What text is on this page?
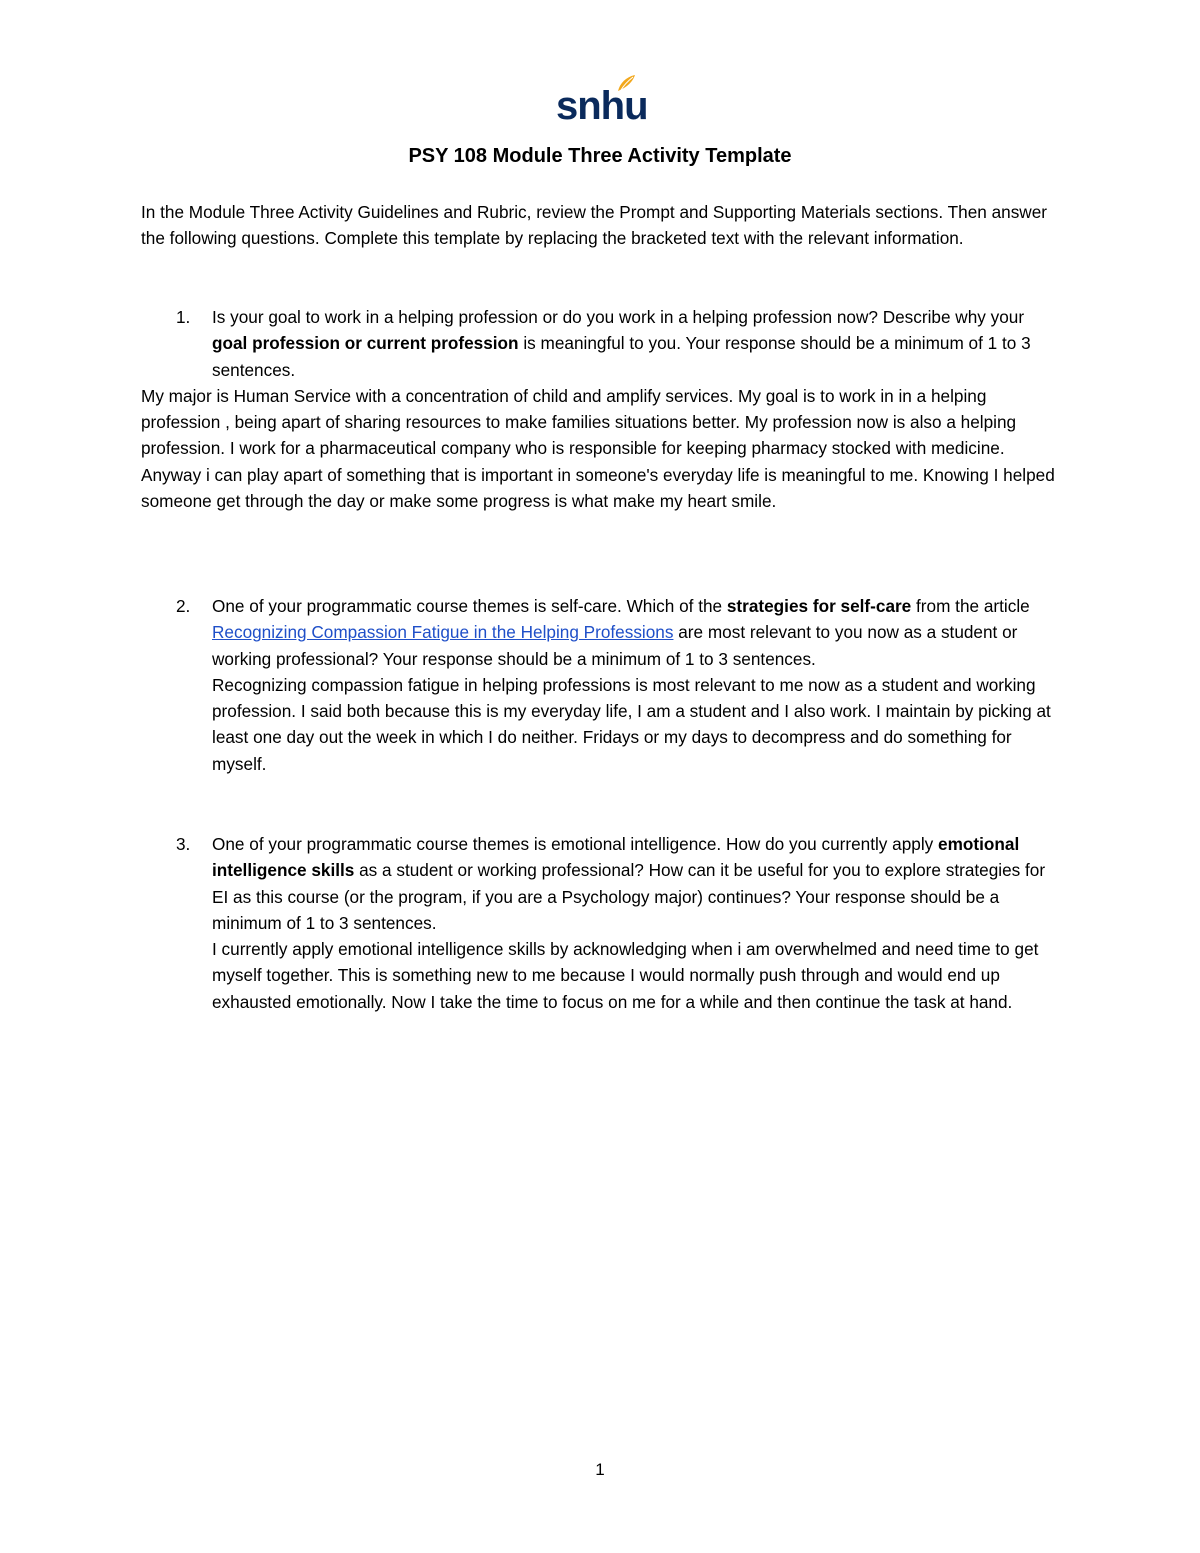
snhu
PSY 108 Module Three Activity Template
In the Module Three Activity Guidelines and Rubric, review the Prompt and Supporting Materials sections. Then answer the following questions. Complete this template by replacing the bracketed text with the relevant information.
1. Is your goal to work in a helping profession or do you work in a helping profession now? Describe why your goal profession or current profession is meaningful to you. Your response should be a minimum of 1 to 3 sentences.
My major is Human Service with a concentration of child and amplify services. My goal is to work in in a helping profession , being apart of sharing resources to make families situations better. My profession now is also a helping profession. I work for a pharmaceutical company who is responsible for keeping pharmacy stocked with medicine. Anyway i can play apart of something that is important in someone's everyday life is meaningful to me. Knowing I helped someone get through the day or make some progress is what make my heart smile.
2. One of your programmatic course themes is self-care. Which of the strategies for self-care from the article Recognizing Compassion Fatigue in the Helping Professions are most relevant to you now as a student or working professional? Your response should be a minimum of 1 to 3 sentences.
Recognizing compassion fatigue in helping professions is most relevant to me now as a student and working profession. I said both because this is my everyday life, I am a student and I also work. I maintain by picking at least one day out the week in which I do neither. Fridays or my days to decompress and do something for myself.
3. One of your programmatic course themes is emotional intelligence. How do you currently apply emotional intelligence skills as a student or working professional? How can it be useful for you to explore strategies for EI as this course (or the program, if you are a Psychology major) continues? Your response should be a minimum of 1 to 3 sentences.
I currently apply emotional intelligence skills by acknowledging when i am overwhelmed and need time to get myself together. This is something new to me because I would normally push through and would end up exhausted emotionally. Now I take the time to focus on me for a while and then continue the task at hand.
1
